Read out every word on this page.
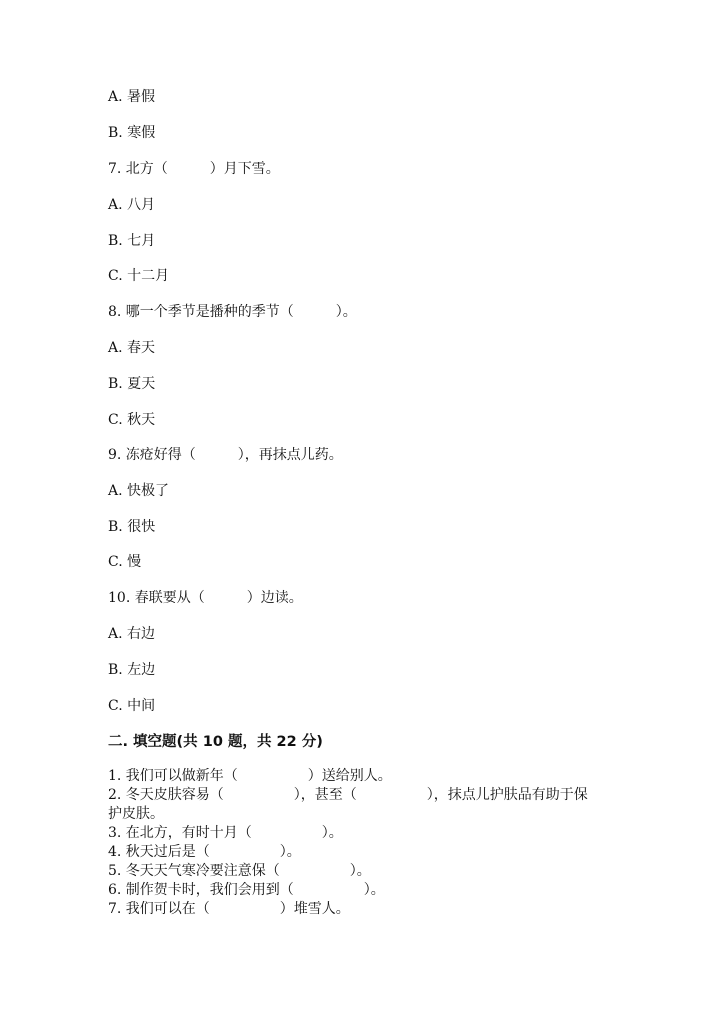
A. 暑假
B. 寒假
7. 北方（　　　）月下雪。
A. 八月
B. 七月
C. 十二月
8. 哪一个季节是播种的季节（　　　）。
A. 春天
B. 夏天
C. 秋天
9. 冻疮好得（　　　），再抹点儿药。
A. 快极了
B. 很快
C. 慢
10. 春联要从（　　　）边读。
A. 右边
B. 左边
C. 中间
二. 填空题(共 10 题，共 22 分)
1. 我们可以做新年（　　　　　）送给别人。
2. 冬天皮肤容易（　　　　　），甚至（　　　　　），抹点儿护肤品有助于保
护皮肤。
3. 在北方，有时十月（　　　　　）。
4. 秋天过后是（　　　　　）。
5. 冬天天气寒冷要注意保（　　　　　）。
6. 制作贺卡时，我们会用到（　　　　　）。
7. 我们可以在（　　　　　）堆雪人。
